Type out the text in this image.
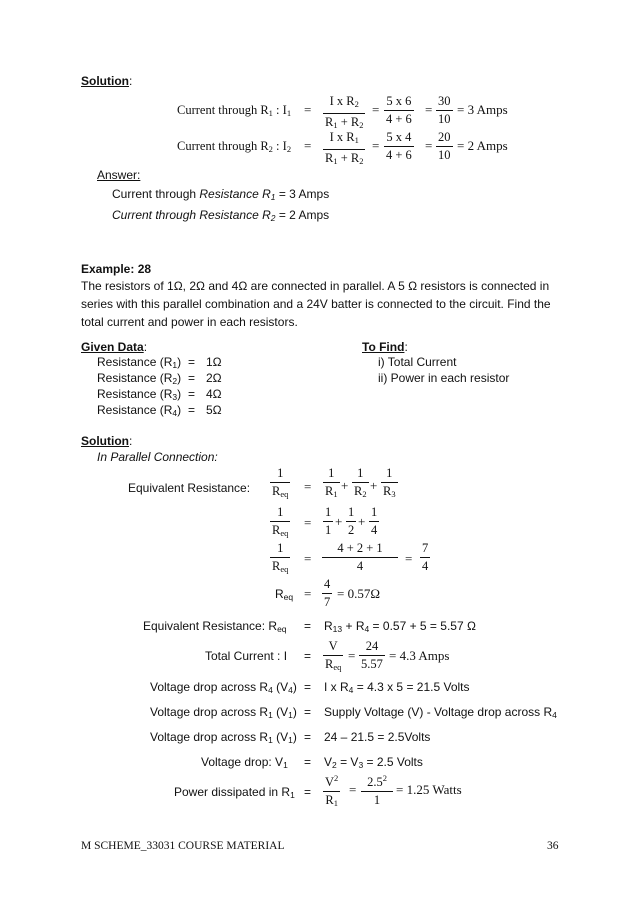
Solution:
Current through $R_1$ : $I_1 = \frac{I x R_2}{R_1 + R_2} = \frac{5 x 6}{4 + 6} = \frac{30}{10} = 3$ Amps
Current through $R_2$ : $I_2 = \frac{I x R_1}{R_1 + R_2} = \frac{5 x 4}{4 + 6} = \frac{20}{10} = 2$ Amps
Answer:
Current through Resistance $R_1 = 3$ Amps
Current through Resistance $R_2 = 2$ Amps
Example: 28
The resistors of 1Ω, 2Ω and 4Ω are connected in parallel. A 5 Ω resistors is connected in series with this parallel combination and a 24V batter is connected to the circuit. Find the total current and power in each resistors.
Given Data:
Resistance $(R_1) = 1\Omega$
Resistance $(R_2) = 2\Omega$
Resistance $(R_3) = 4\Omega$
Resistance $(R_4) = 5\Omega$
To Find:
i) Total Current
ii) Power in each resistor
Solution:
In Parallel Connection:
Equivalent Resistance:
1
$R_{eq} = \frac{1}{R_1} + \frac{1}{R_2} + \frac{1}{R_3}$
1
$R_{eq}$
= $\frac{1}{1} + \frac{1}{2} + \frac{1}{4}$
1
$R_{eq}$
= $\frac{4 + 2 + 1}{4} = \frac{7}{4}$
$R_{eq} = \frac{4}{7} = 0.57\Omega$
Equivalent Resistance: $R_{eq} = R_{13} + R_4 = 0.57 + 5 = 5.57$ Ω
Total Current : I =
V
$R_{eq}$
= $\frac{24}{5.57} = 4.3$ Amps
Voltage drop across $R_4$ $(V_4) = I$ x $R_4 = 4.3$ x 5 = 21.5 Volts
Voltage drop across $R_1$ $(V_1)$ = Supply Voltage (V) - Voltage drop across $R_4$
Voltage drop across $R_1$ $(V_1) = 24 - 21.5$ = 2.5Volts
Voltage drop: $V_1 = V_2 = V_3 = 2.5$ Volts
Power dissipated in $R_1 = \frac{V^2}{R_1} = \frac{2.5^2}{1} = 1.25$ Watts
M SCHEME_33031 COURSE MATERIAL	36
